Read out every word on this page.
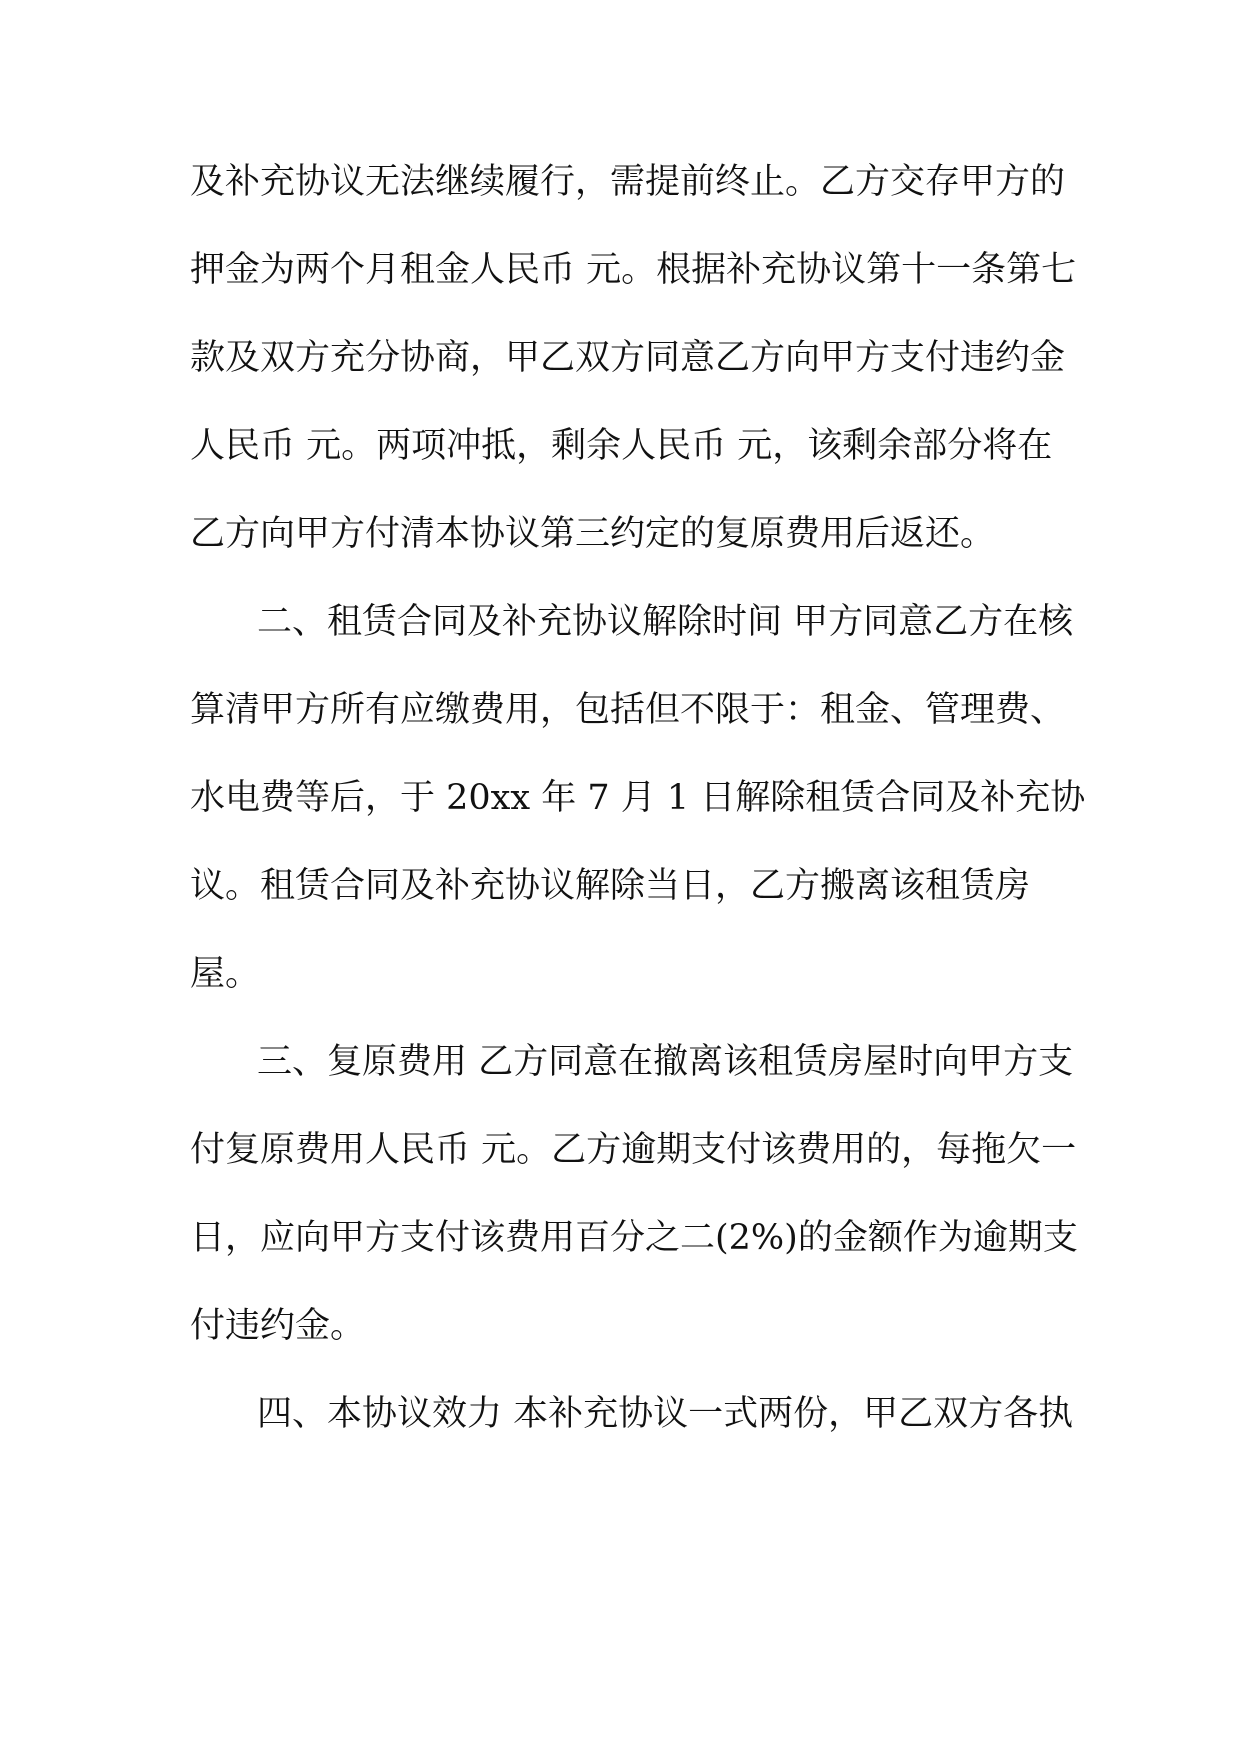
及补充协议无法继续履行，需提前终止。乙方交存甲方的

押金为两个月租金人民币 元。根据补充协议第十一条第七

款及双方充分协商，甲乙双方同意乙方向甲方支付违约金

人民币 元。两项冲抵，剩余人民币 元，该剩余部分将在

乙方向甲方付清本协议第三约定的复原费用后返还。

二、租赁合同及补充协议解除时间 甲方同意乙方在核

算清甲方所有应缴费用，包括但不限于：租金、管理费、

水电费等后，于 20xx 年 7 月 1 日解除租赁合同及补充协

议。租赁合同及补充协议解除当日，乙方搬离该租赁房

屋。

三、复原费用 乙方同意在撤离该租赁房屋时向甲方支

付复原费用人民币 元。乙方逾期支付该费用的，每拖欠一

日，应向甲方支付该费用百分之二(2%)的金额作为逾期支

付违约金。

四、本协议效力 本补充协议一式两份，甲乙双方各执
